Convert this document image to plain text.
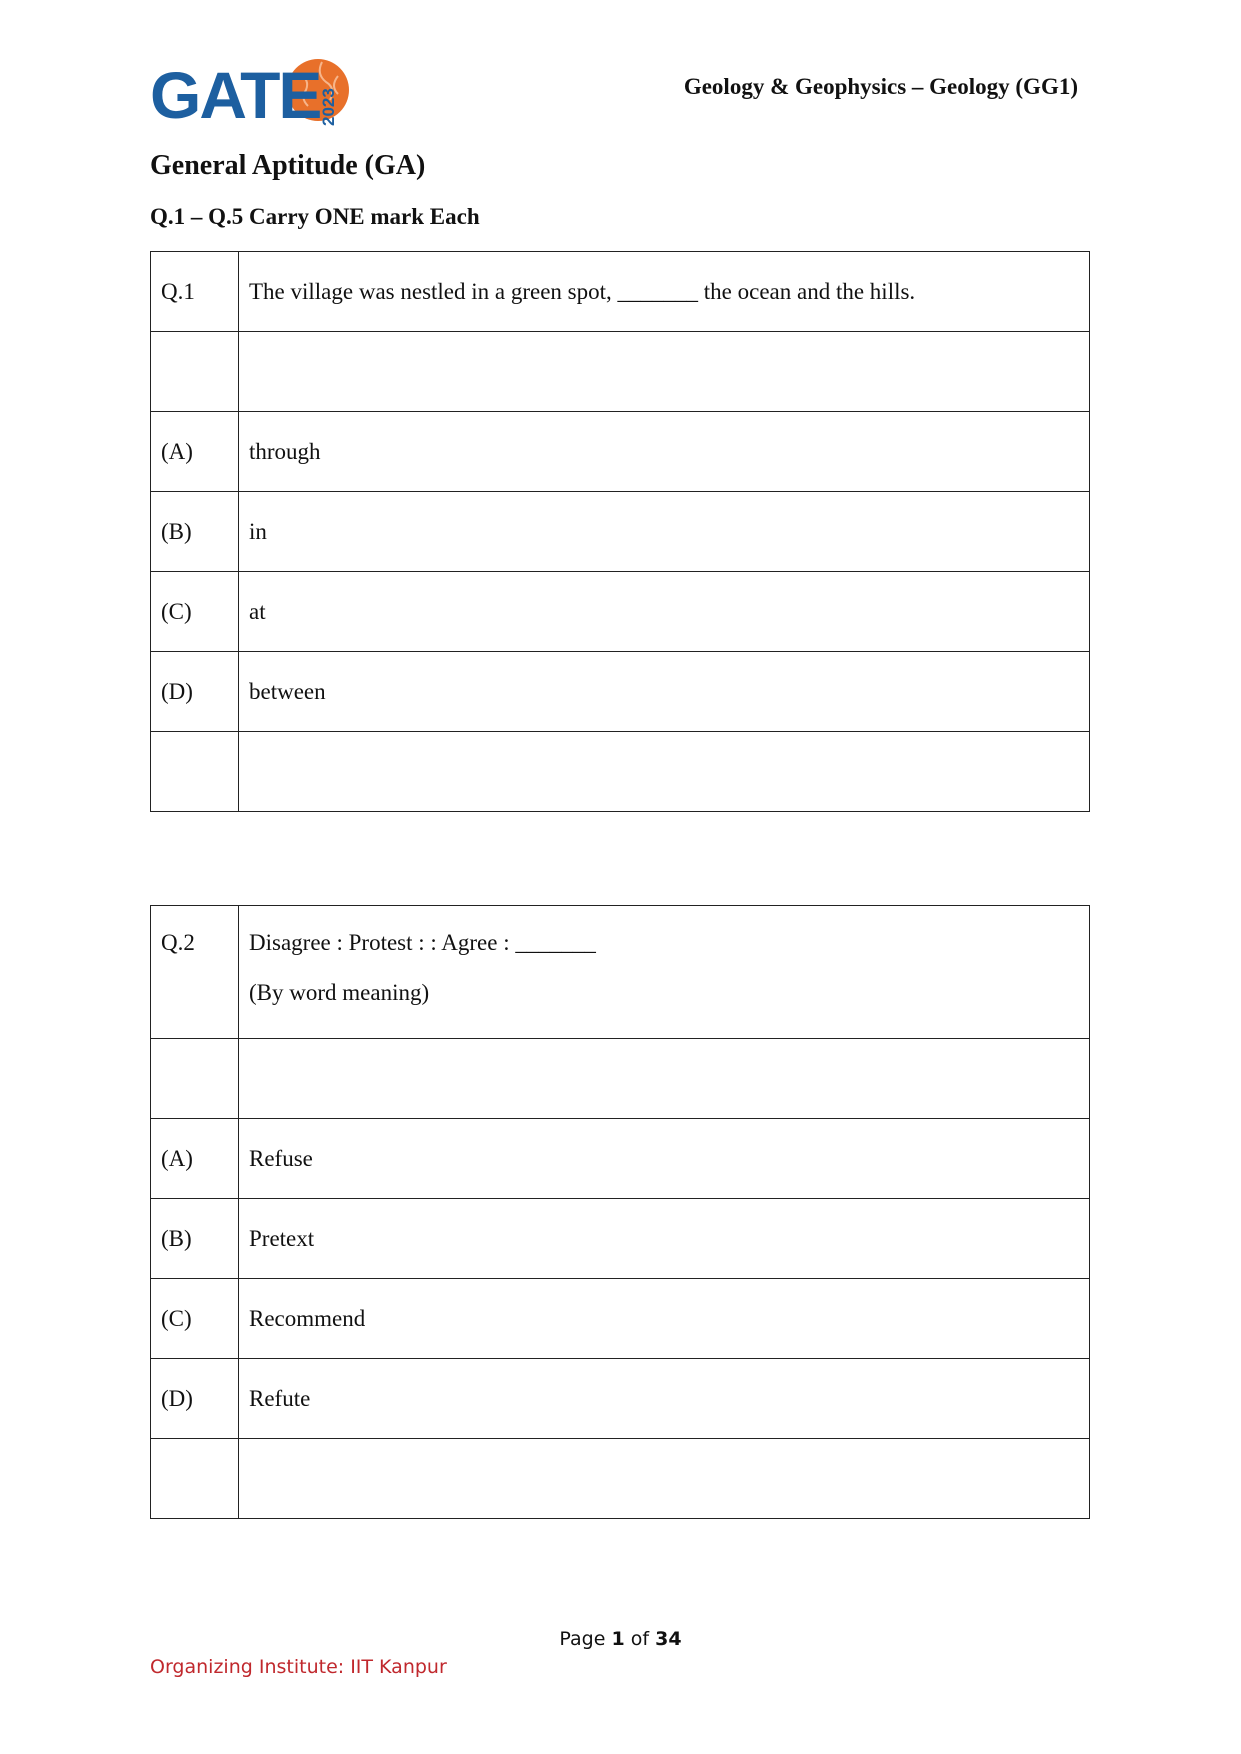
GATE
2023
Geology & Geophysics – Geology (GG1)
General Aptitude (GA)
Q.1 – Q.5 Carry ONE mark Each
Q.1	The village was nestled in a green spot, _______ the ocean and the hills.

(A)	through
(B)	in
(C)	at
(D)	between

Q.2	Disagree : Protest : : Agree : _______

(By word meaning)

(A)	Refuse
(B)	Pretext
(C)	Recommend
(D)	Refute

Page 1 of 34
Organizing Institute: IIT Kanpur
